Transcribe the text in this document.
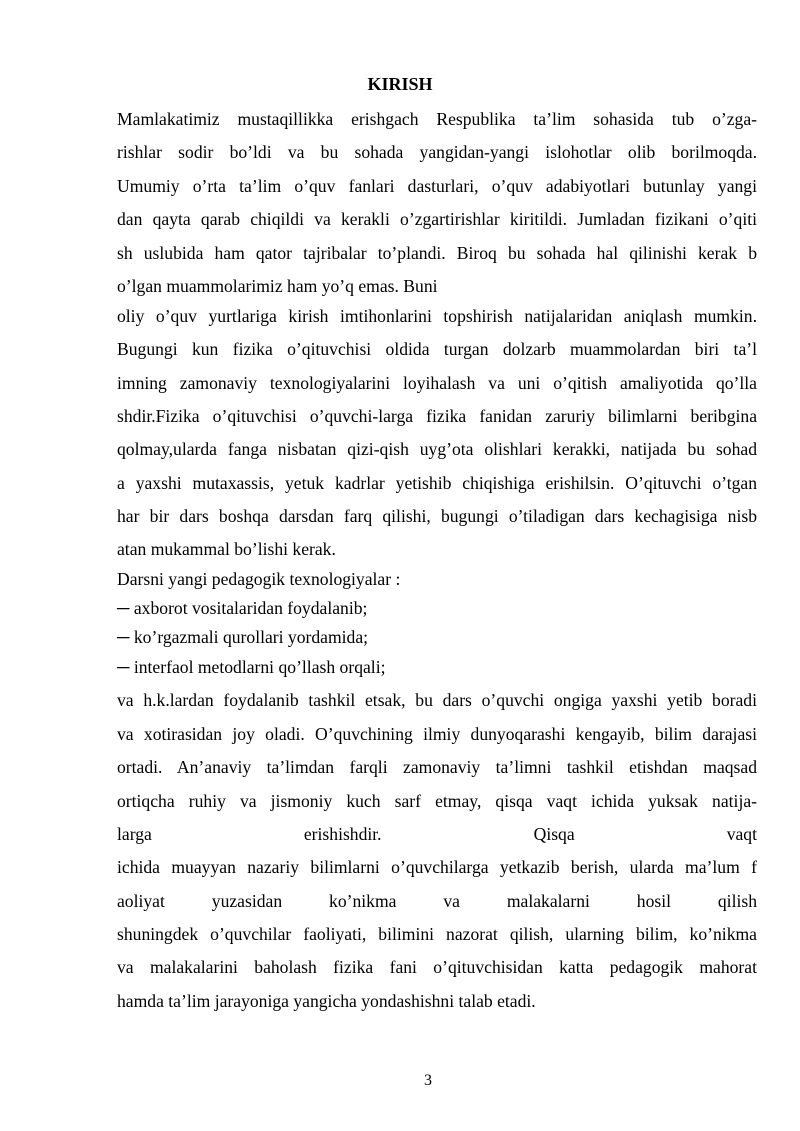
KIRISH
Mamlakatimiz mustaqillikka erishgach Respublika ta’lim sohasida tub o’zga-
rishlar sodir bo’ldi va bu sohada yangidan-yangi islohotlar olib borilmoqda.
Umumiy o’rta ta’lim o’quv fanlari dasturlari, o’quv adabiyotlari butunlay yangi
dan qayta qarab chiqildi va kerakli o’zgartirishlar kiritildi. Jumladan fizikani o’qiti
sh uslubida ham qator tajribalar to’plandi. Biroq bu sohada hal qilinishi kerak b
o’lgan muammolarimiz ham yo’q emas. Buni
oliy o’quv yurtlariga kirish imtihonlarini topshirish natijalaridan aniqlash mumkin.
Bugungi kun fizika o’qituvchisi oldida turgan dolzarb muammolardan biri ta’l
imning zamonaviy texnologiyalarini loyihalash va uni o’qitish amaliyotida qo’lla
shdir.Fizika o’qituvchisi o’quvchi-larga fizika fanidan zaruriy bilimlarni beribgina
qolmay,ularda fanga nisbatan qizi-qish uyg’ota olishlari kerakki, natijada bu sohad
a yaxshi mutaxassis, yetuk kadrlar yetishib chiqishiga erishilsin. O’qituvchi o’tgan
har bir dars boshqa darsdan farq qilishi, bugungi o’tiladigan dars kechagisiga nisb
atan mukammal bo’lishi kerak.
Darsni yangi pedagogik texnologiyalar :
─ axborot vositalaridan foydalanib;
─ ko’rgazmali qurollari yordamida;
─ interfaol metodlarni qo’llash orqali;
va h.k.lardan foydalanib tashkil etsak, bu dars o’quvchi ongiga yaxshi yetib boradi
va xotirasidan joy oladi. O’quvchining ilmiy dunyoqarashi kengayib, bilim darajasi
ortadi. An’anaviy ta’limdan farqli zamonaviy ta’limni tashkil etishdan maqsad
ortiqcha ruhiy va jismoniy kuch sarf etmay, qisqa vaqt ichida yuksak natija-
larga erishishdir. Qisqa vaqt
ichida muayyan nazariy bilimlarni o’quvchilarga yetkazib berish, ularda ma’lum f
aoliyat yuzasidan ko’nikma va malakalarni hosil qilish
shuningdek o’quvchilar faoliyati, bilimini nazorat qilish, ularning bilim, ko’nikma
va malakalarini baholash fizika fani o’qituvchisidan katta pedagogik mahorat
hamda ta’lim jarayoniga yangicha yondashishni talab etadi.
3
